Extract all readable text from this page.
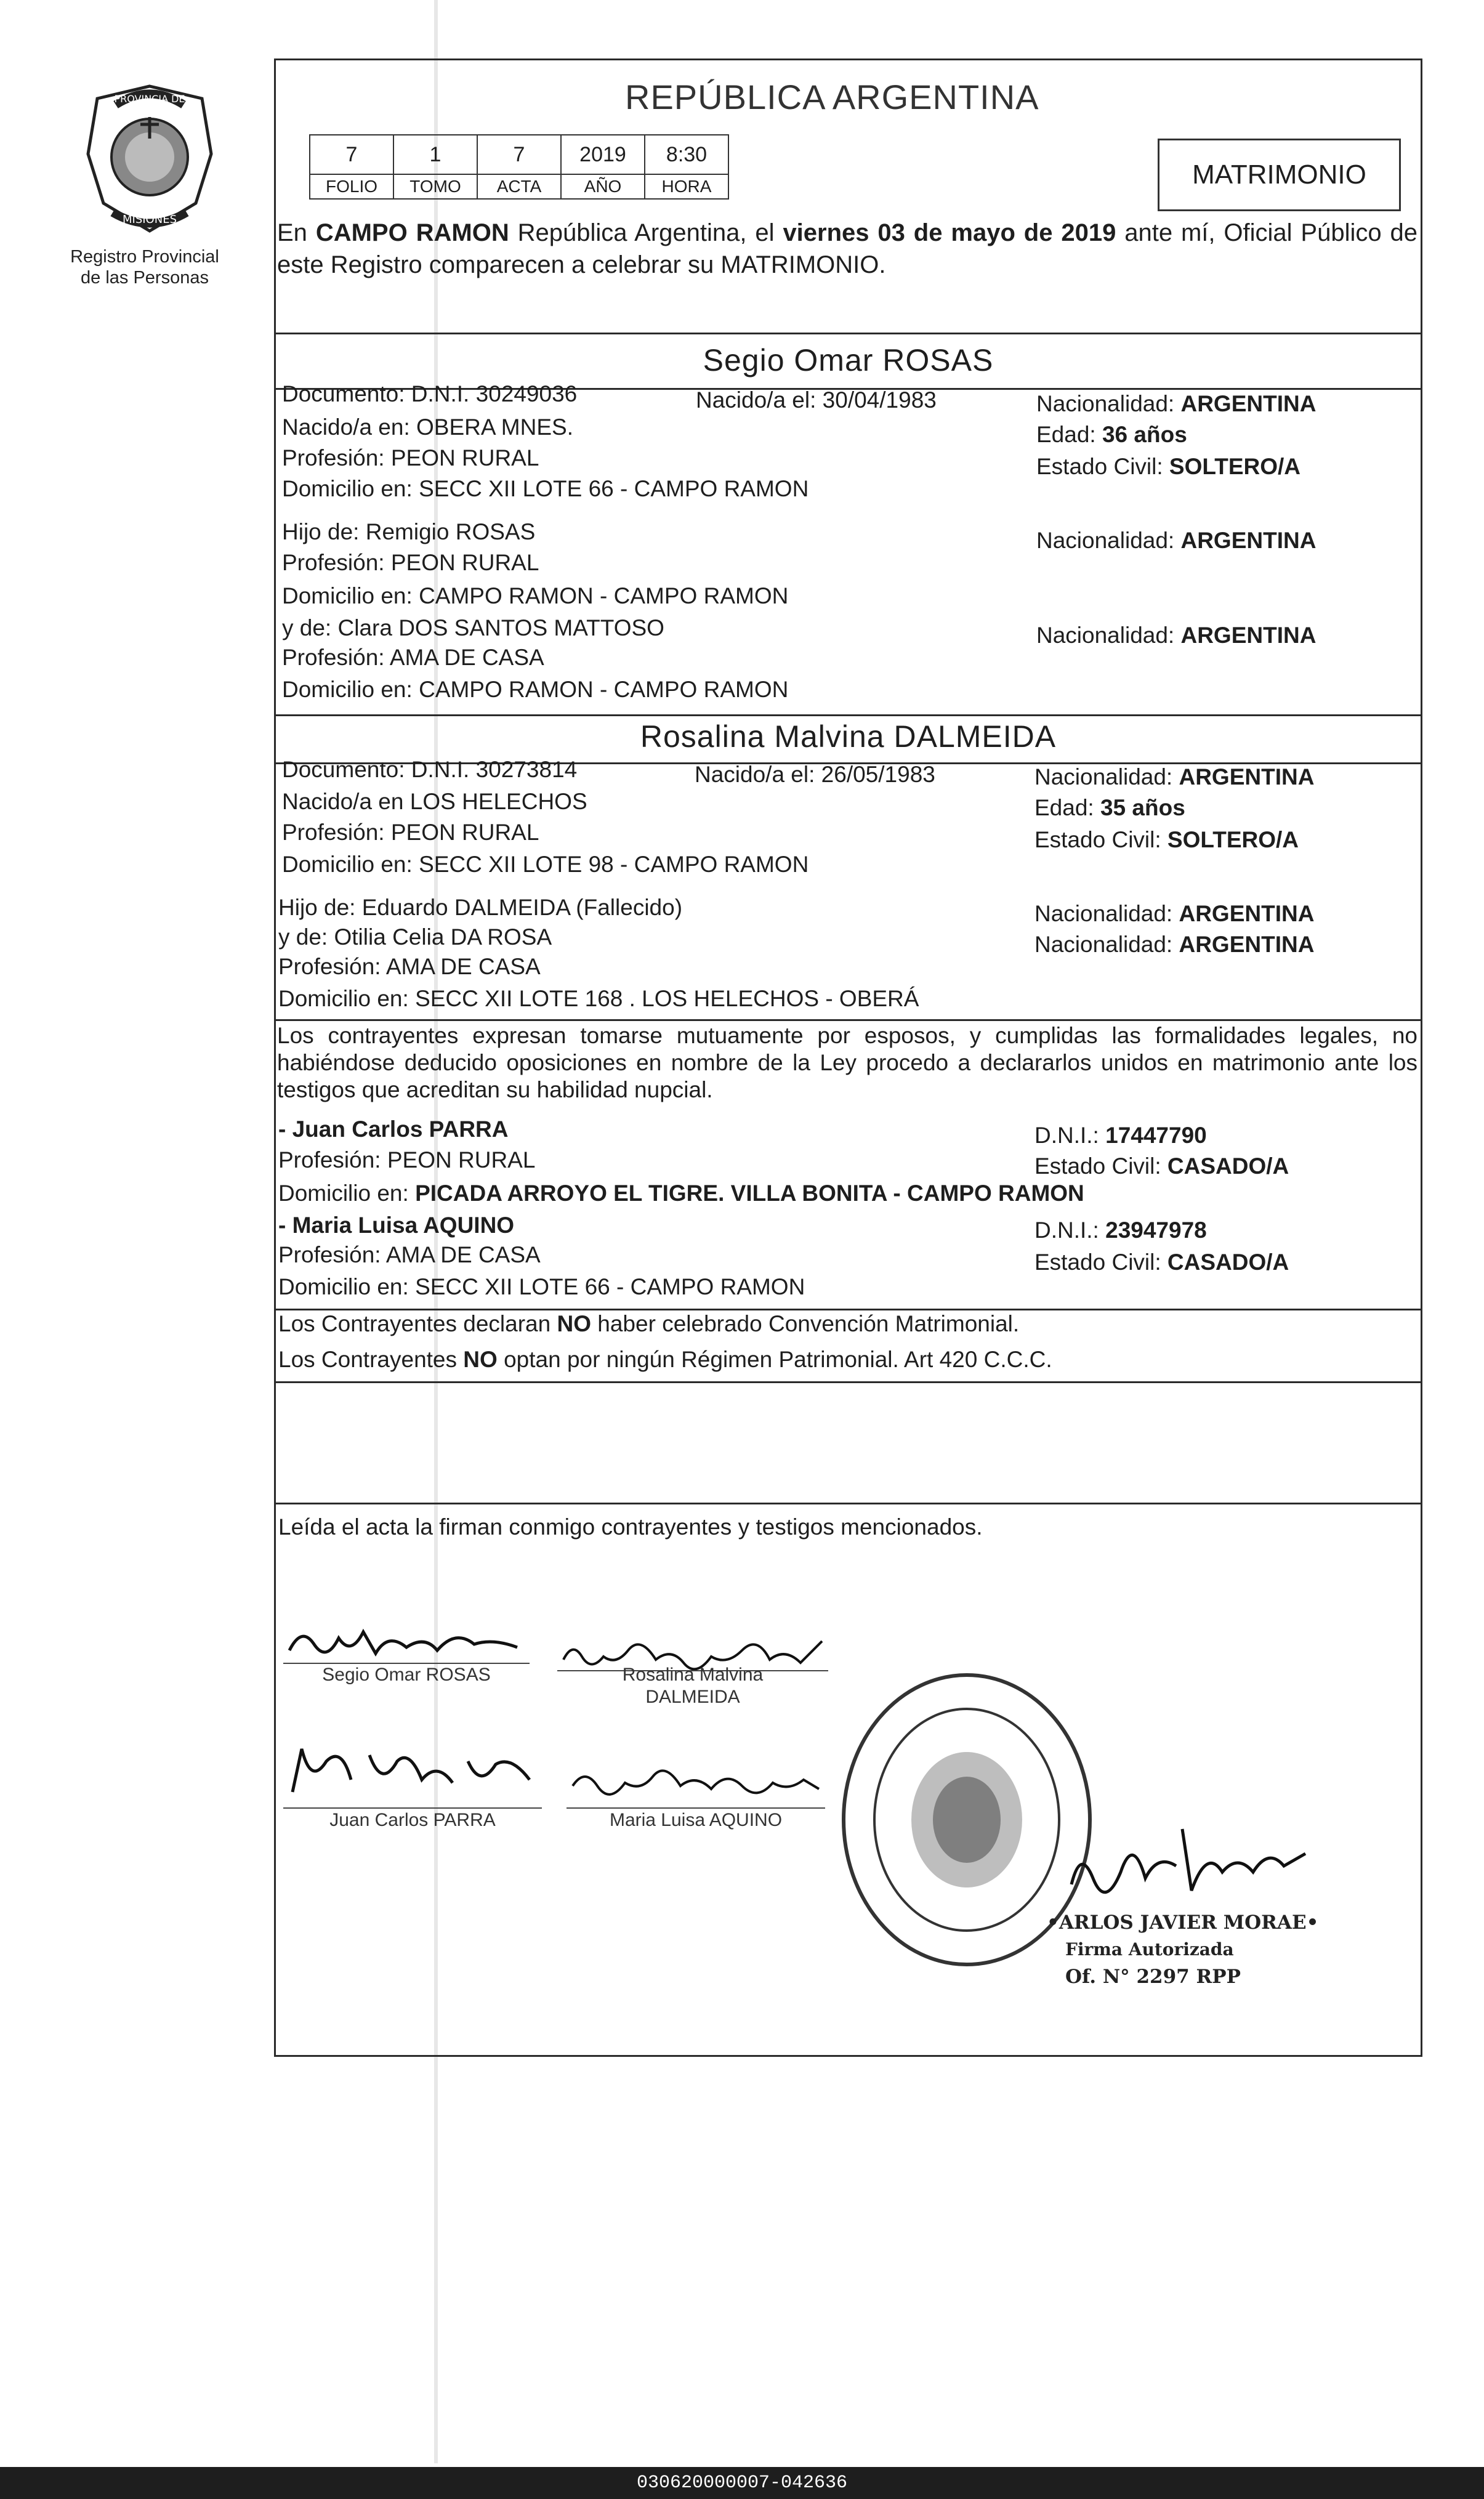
PROVINCIA DE
MISIONES
Registro Provincial de las Personas
REPÚBLICA ARGENTINA
7	1	7	2019	8:30
FOLIO	TOMO	ACTA	AÑO	HORA	MATRIMONIO
En CAMPO RAMON República Argentina, el viernes 03 de mayo de 2019 ante mí, Oficial Público de este Registro comparecen a celebrar su MATRIMONIO.
Segio Omar ROSAS
Documento: D.N.I. 30249036	Nacido/a el: 30/04/1983
Nacido/a en: OBERA MNES.
Profesión: PEON RURAL
Domicilio en: SECC XII LOTE 66 - CAMPO RAMON
Nacionalidad: ARGENTINA
Edad: 36 años
Estado Civil: SOLTERO/A
Hijo de: Remigio ROSAS
Profesión: PEON RURAL
Domicilio en: CAMPO RAMON - CAMPO RAMON
Nacionalidad: ARGENTINA
y de: Clara DOS SANTOS MATTOSO
Profesión: AMA DE CASA
Domicilio en: CAMPO RAMON - CAMPO RAMON
Nacionalidad: ARGENTINA
Rosalina Malvina DALMEIDA
Documento: D.N.I. 30273814	Nacido/a el: 26/05/1983
Nacido/a en LOS HELECHOS
Profesión: PEON RURAL
Domicilio en: SECC XII LOTE 98 - CAMPO RAMON
Nacionalidad: ARGENTINA
Edad: 35 años
Estado Civil: SOLTERO/A
Hijo de: Eduardo DALMEIDA (Fallecido)
y de: Otilia Celia DA ROSA
Profesión: AMA DE CASA
Domicilio en: SECC XII LOTE 168 . LOS HELECHOS - OBERÁ
Nacionalidad: ARGENTINA
Nacionalidad: ARGENTINA
Los contrayentes expresan tomarse mutuamente por esposos, y cumplidas las formalidades legales, no habiéndose deducido oposiciones en nombre de la Ley procedo a declararlos unidos en matrimonio ante los testigos que acreditan su habilidad nupcial.
- Juan Carlos PARRA	D.N.I.: 17447790
Profesión: PEON RURAL	Estado Civil: CASADO/A
Domicilio en: PICADA ARROYO EL TIGRE. VILLA BONITA - CAMPO RAMON
- Maria Luisa AQUINO	D.N.I.: 23947978
Profesión: AMA DE CASA	Estado Civil: CASADO/A
Domicilio en: SECC XII LOTE 66 - CAMPO RAMON
Los Contrayentes declaran NO haber celebrado Convención Matrimonial.
Los Contrayentes NO optan por ningún Régimen Patrimonial. Art 420 C.C.C.
Leída el acta la firman conmigo contrayentes y testigos mencionados.
Segio Omar ROSAS	Rosalina Malvina
DALMEIDA
Juan Carlos PARRA	Maria Luisa AQUINO
•ARLOS JAVIER MORAE•
Firma Autorizada
Of. N° 2297 RPP
030620000007-042636
